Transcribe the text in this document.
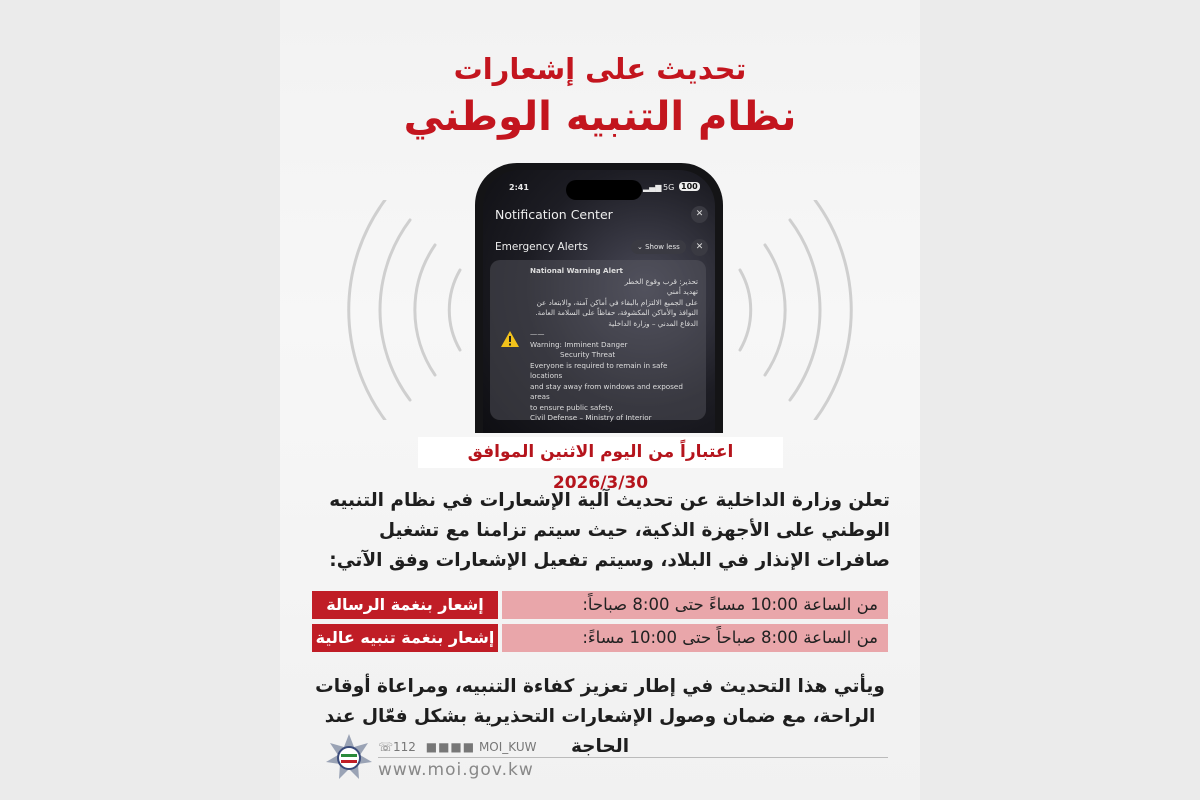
تحديث على إشعارات
نظام التنبيه الوطني
2:41	▂▄▆ 5G 100
Notification Center	✕
Emergency Alerts	⌄ Show less	✕
National Warning Alert
تحذير: قرب وقوع الخطر
تهديد أمني
على الجميع الالتزام بالبقاء في أماكن آمنة، والابتعاد عن
النوافذ والأماكن المكشوفة، حفاظاً على السلامة العامة.
الدفاع المدني – وزارة الداخلية
——
Warning: Imminent Danger
Security Threat
Everyone is required to remain in safe locations
and stay away from windows and exposed areas
to ensure public safety.
Civil Defense – Ministry of Interior
اعتباراً من اليوم الاثنين الموافق 2026/3/30
تعلن وزارة الداخلية عن تحديث آلية الإشعارات في نظام التنبيه الوطني على الأجهزة الذكية، حيث سيتم تزامنا مع تشغيل صافرات الإنذار في البلاد، وسيتم تفعيل الإشعارات وفق الآتي:
إشعار بنغمة الرسالة	من الساعة 10:00 مساءً حتى 8:00 صباحاً:
إشعار بنغمة تنبيه عالية	من الساعة 8:00 صباحاً حتى 10:00 مساءً:
ويأتي هذا التحديث في إطار تعزيز كفاءة التنبيه، ومراعاة أوقات الراحة، مع ضمان وصول الإشعارات التحذيرية بشكل فعّال عند الحاجة
☏112 ■■■■ MOI_KUW
www.moi.gov.kw
